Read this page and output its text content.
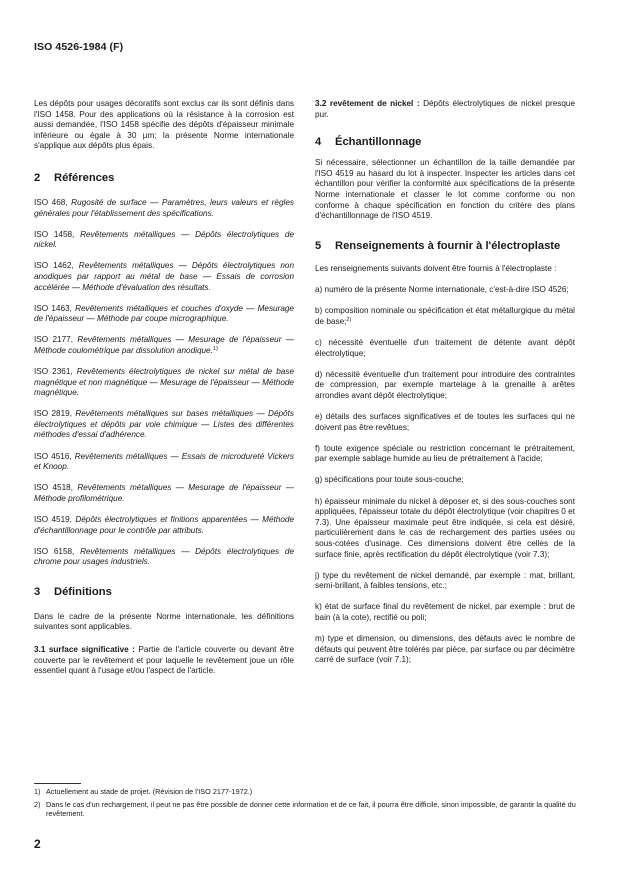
ISO 4526-1984 (F)

Les dépôts pour usages décoratifs sont exclus car ils sont définis dans l'ISO 1458. Pour des applications où la résistance à la corrosion est aussi demandée, l'ISO 1458 spécifie des dépôts d'épaisseur minimale inférieure ou égale à 30 µm; la présente Norme internationale s'applique aux dépôts plus épais.

2	Références

ISO 468, Rugosité de surface — Paramètres, leurs valeurs et règles générales pour l'établissement des spécifications.

ISO 1458, Revêtements métalliques — Dépôts électrolytiques de nickel.

ISO 1462, Revêtements métalliques — Dépôts électrolytiques non anodiques par rapport au métal de base — Essais de corrosion accélérée — Méthode d'évaluation des résultats.

ISO 1463, Revêtements métalliques et couches d'oxyde — Mesurage de l'épaisseur — Méthode par coupe micrographique.

ISO 2177, Revêtements métalliques — Mesurage de l'épaisseur — Méthode coulométrique par dissolution anodique.$^{1)}$

ISO 2361, Revêtements électrolytiques de nickel sur métal de base magnétique et non magnétique — Mesurage de l'épaisseur — Méthode magnétique.

ISO 2819, Revêtements métalliques sur bases métalliques — Dépôts électrolytiques et dépôts par voie chimique — Listes des différentes méthodes d'essai d'adhérence.

ISO 4516, Revêtements métalliques — Essais de microdureté Vickers et Knoop.

ISO 4518, Revêtements métalliques — Mesurage de l'épaisseur — Méthode profilométrique.

ISO 4519, Dépôts électrolytiques et finitions apparentées — Méthode d'échantillonnage pour le contrôle par attributs.

ISO 6158, Revêtements métalliques — Dépôts électrolytiques de chrome pour usages industriels.

3	Définitions

Dans le cadre de la présente Norme internationale, les définitions suivantes sont applicables.

3.1 surface significative : Partie de l'article couverte ou devant être couverte par le revêtement et pour laquelle le revêtement joue un rôle essentiel quant à l'usage et/ou l'aspect de l'article.

3.2 revêtement de nickel : Dépôts électrolytiques de nickel presque pur.

4	Échantillonnage

Si nécessaire, sélectionner un échantillon de la taille demandée par l'ISO 4519 au hasard du lot à inspecter. Inspecter les articles dans cet échantillon pour vérifier la conformité aux spécifications de la présente Norme internationale et classer le lot comme conforme ou non conforme à chaque spécification en fonction du critère des plans d'échantillonnage de l'ISO 4519.

5	Renseignements à fournir à l'électroplaste

Les renseignements suivants doivent être fournis à l'électroplaste :

a) numéro de la présente Norme internationale, c'est-à-dire ISO 4526;

b) composition nominale ou spécification et état métallurgique du métal de base;$^{2)}$

c) nécessité éventuelle d'un traitement de détente avant dépôt électrolytique;

d) nécessité éventuelle d'un traitement pour introduire des contraintes de compression, par exemple martelage à la grenaille à arêtes arrondies avant dépôt électrolytique;

e) détails des surfaces significatives et de toutes les surfaces qui ne doivent pas être revêtues;

f) toute exigence spéciale ou restriction concernant le prétraitement, par exemple sablage humide au lieu de prétraitement à l'acide;

g) spécifications pour toute sous-couche;

h) épaisseur minimale du nickel à déposer et, si des sous-couches sont appliquées, l'épaisseur totale du dépôt électrolytique (voir chapitres 0 et 7.3). Une épaisseur maximale peut être indiquée, si cela est désiré, particulièrement dans le cas de rechargement des parties usées ou sous-cotées d'usinage. Ces dimensions doivent être celles de la surface finie, après rectification du dépôt électrolytique (voir 7.3);

j) type du revêtement de nickel demandé, par exemple : mat, brillant, semi-brillant, à faibles tensions, etc.;

k) état de surface final du revêtement de nickel, par exemple : brut de bain (à la cote), rectifié ou poli;

m) type et dimension, ou dimensions, des défauts avec le nombre de défauts qui peuvent être tolérés par pièce, par surface ou par décimètre carré de surface (voir 7.1);

1) Actuellement au stade de projet. (Révision de l'ISO 2177-1972.)
2) Dans le cas d'un rechargement, il peut ne pas être possible de donner cette information et de ce fait, il pourra être difficile, sinon impossible, de garantir la qualité du revêtement.
2
